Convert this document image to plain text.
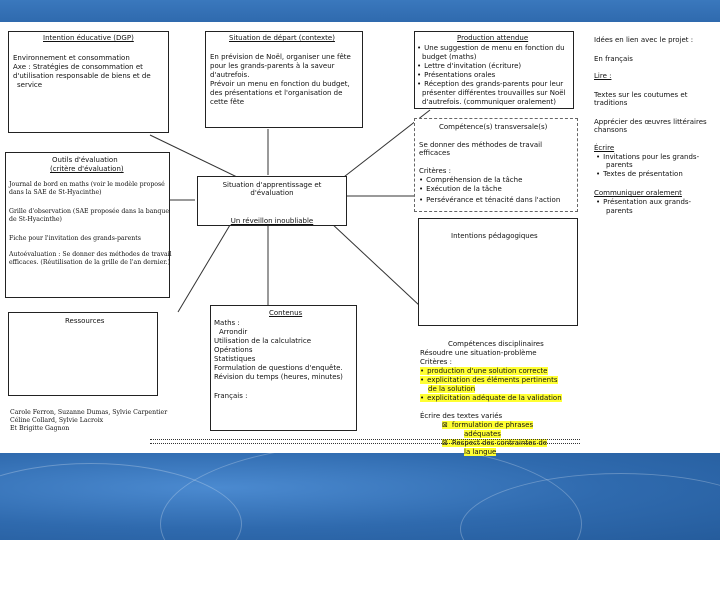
Intention éducative (DGP)
Environnement et consommation
Axe : Stratégies de consommation et
d'utilisation responsable de biens et de
service
Situation de départ (contexte)
En prévision de Noël, organiser une fête
pour les grands-parents à la saveur
d'autrefois.
Prévoir un menu en fonction du budget,
des présentations et l'organisation de
cette fête
Production attendue
• Une suggestion de menu en fonction du
budget (maths)
• Lettre d'invitation (écriture)
• Présentations orales
• Réception des grands-parents pour leur
présenter différentes trouvailles sur Noël
d'autrefois. (communiquer oralement)
Idées en lien avec le projet :
En français
Lire :
Textes sur les coutumes et
traditions
Apprécier des œuvres littéraires
chansons
Écrire
• Invitations pour les grands-
parents
• Textes de présentation
Communiquer oralement
• Présentation aux grands-
parents
Compétence(s) transversale(s)
Se donner des méthodes de travail
efficaces
Critères :
• Compréhension de la tâche
• Exécution de la tâche
• Persévérance et ténacité dans l'action
Intentions pédagogiques
Outils d'évaluation
(critère d'évaluation)
Journal de bord en maths (voir le modèle proposé
dans la SAE de St-Hyacinthe)
Grille d'observation (SAE proposée dans la banque
de St-Hyacinthe)
Fiche pour l'invitation des grands-parents
Autoévaluation : Se donner des méthodes de travail
efficaces. (Réutilisation de la grille de l'an dernier.)
Situation d'apprentissage et
d'évaluation
Un réveillon inoubliable
Ressources
Carole Ferron, Suzanne Dumas, Sylvie Carpentier
Céline Collard, Sylvie Lacroix
Et Brigitte Gagnon
Contenus
Maths :
Arrondir
Utilisation de la calculatrice
Opérations
Statistiques
Formulation de questions d'enquête.
Révision du temps (heures, minutes)
Français :
Compétences disciplinaires
Résoudre une situation-problème
Critères :
• production d'une solution correcte
• explicitation des éléments pertinents
de la solution
• explicitation adéquate de la validation
Écrire des textes variés
⊠ formulation de phrases
adéquates
⊠ Respect des contraintes de
la langue
